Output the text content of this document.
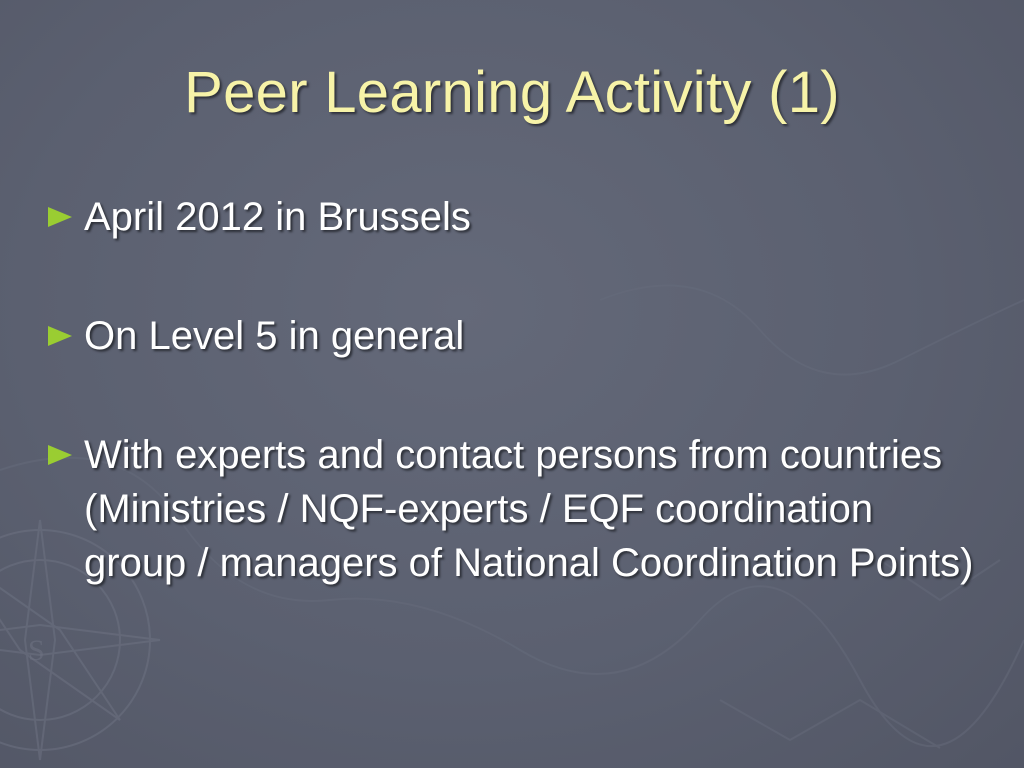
S
Peer Learning Activity (1)
April 2012 in Brussels
On Level 5 in general
With experts and contact persons from countries (Ministries / NQF-experts / EQF coordination group / managers of National Coordination Points)
